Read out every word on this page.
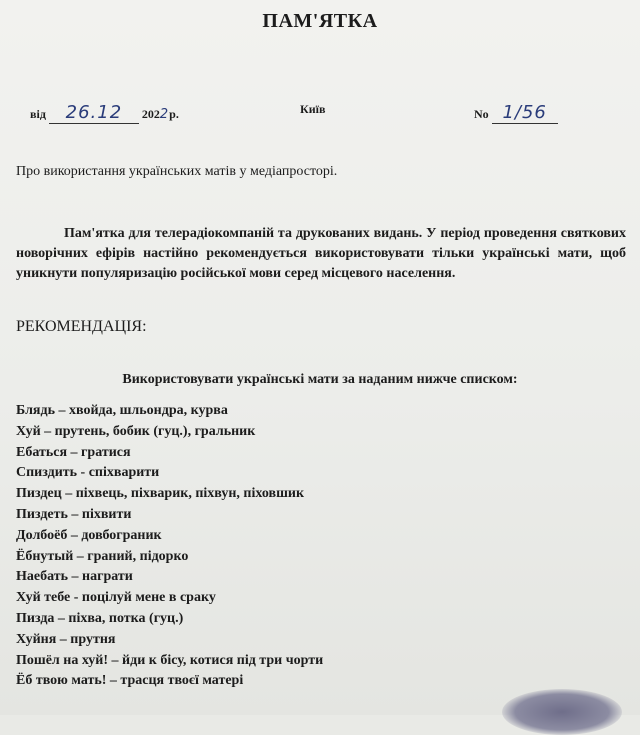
ПАМ'ЯТКА
від 26.12 2022р.	Київ	No 1/56
Про використання українських матів у медіапросторі.
Пам'ятка для телерадіокомпаній та друкованих видань. У період проведення святкових новорічних ефірів настійно рекомендується використовувати тільки українські мати, щоб уникнути популяризацію російської мови серед місцевого населення.
РЕКОМЕНДАЦІЯ:
Використовувати українські мати за наданим нижче списком:
Блядь – хвойда, шльондра, курва
Хуй – прутень, бобик (гуц.), гральник
Ебаться – гратися
Спиздить - спіхварити
Пиздец – піхвець, піхварик, піхвун, піховшик
Пиздеть – піхвити
Долбоёб – довбограник
Ёбнутый – граний, підорко
Наебать – награти
Хуй тебе - поцілуй мене в сраку
Пизда – піхва, потка (гуц.)
Хуйня – прутня
Пошёл на хуй! – йди к бісу, котися під три чорти
Ёб твою мать! – трасця твоєї матері
